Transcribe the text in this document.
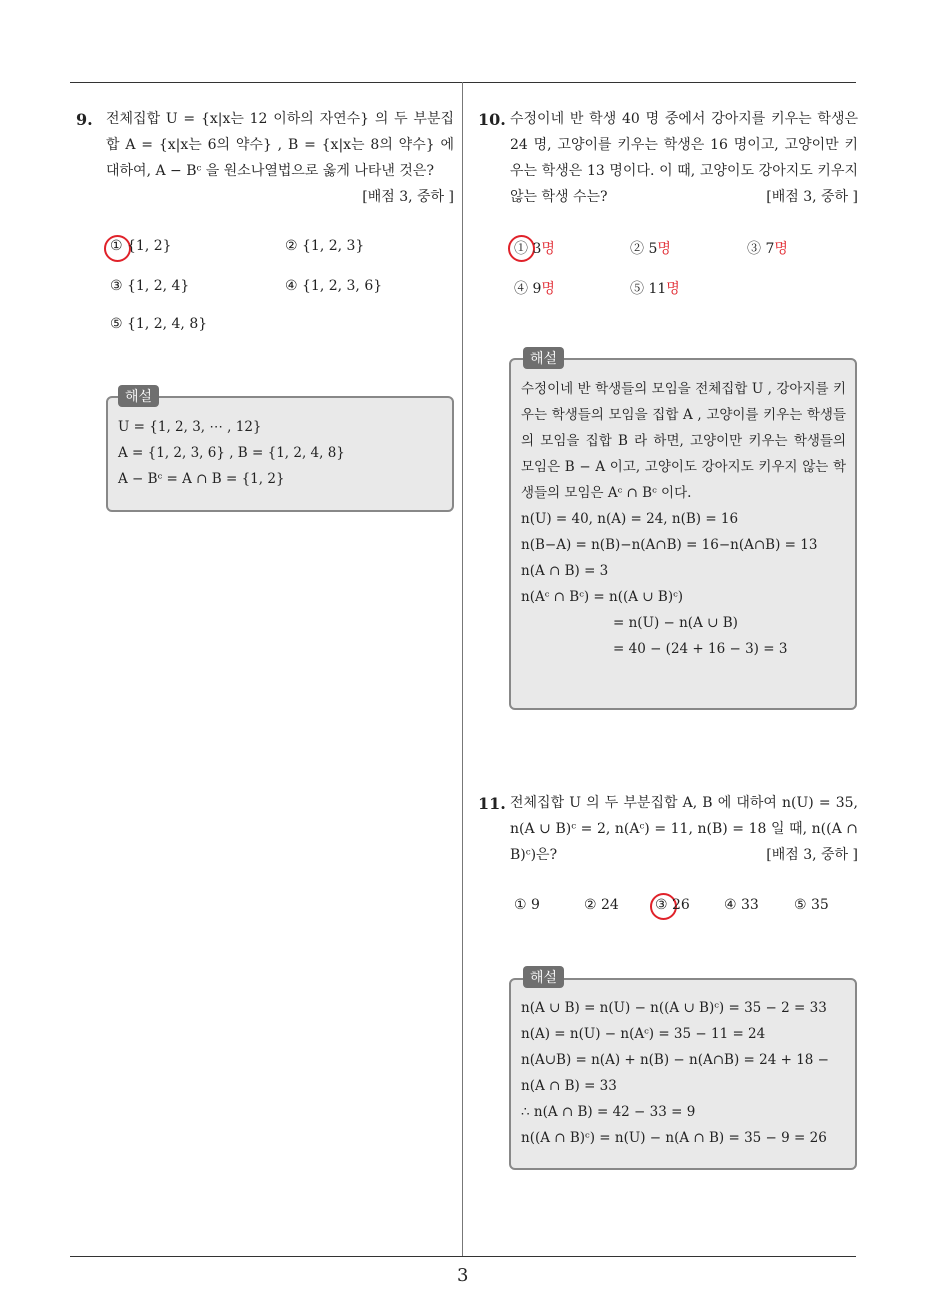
9. 전체집합 U = {x|x는 12 이하의 자연수} 의 두 부분집합 A = {x|x는 6의 약수} , B = {x|x는 8의 약수} 에 대하여, A − Bᶜ 을 원소나열법으로 옳게 나타낸 것은?
[배점 3, 중하 ]
① {1, 2}	② {1, 2, 3}
③ {1, 2, 4}	④ {1, 2, 3, 6}
⑤ {1, 2, 4, 8}
해설
U = {1, 2, 3, ⋯ , 12}
A = {1, 2, 3, 6} , B = {1, 2, 4, 8}
A − Bᶜ = A ∩ B = {1, 2}
10. 수정이네 반 학생 40 명 중에서 강아지를 키우는 학생은 24 명, 고양이를 키우는 학생은 16 명이고, 고양이만 키우는 학생은 13 명이다. 이 때, 고양이도 강아지도 키우지 않는 학생 수는?	[배점 3, 중하 ]
① 3명	② 5명	③ 7명
④ 9명	⑤ 11명
해설
수정이네 반 학생들의 모임을 전체집합 U , 강아지를 키우는 학생들의 모임을 집합 A , 고양이를 키우는 학생들의 모임을 집합 B 라 하면, 고양이만 키우는 학생들의 모임은 B − A 이고, 고양이도 강아지도 키우지 않는 학생들의 모임은 Aᶜ ∩ Bᶜ 이다.
n(U) = 40, n(A) = 24, n(B) = 16
n(B−A) = n(B)−n(A∩B) = 16−n(A∩B) = 13
n(A ∩ B) = 3
n(Aᶜ ∩ Bᶜ) = n((A ∪ B)ᶜ)
= n(U) − n(A ∪ B)
= 40 − (24 + 16 − 3) = 3
11. 전체집합 U 의 두 부분집합 A, B 에 대하여 n(U) = 35, n(A ∪ B)ᶜ = 2, n(Aᶜ) = 11, n(B) = 18 일 때, n((A ∩ B)ᶜ)은?	[배점 3, 중하 ]
① 9	② 24	③ 26 ④ 33	⑤ 35
해설
n(A ∪ B) = n(U) − n((A ∪ B)ᶜ) = 35 − 2 = 33
n(A) = n(U) − n(Aᶜ) = 35 − 11 = 24
n(A∪B) = n(A) + n(B) − n(A∩B) = 24 + 18 −
n(A ∩ B) = 33
∴ n(A ∩ B) = 42 − 33 = 9
n((A ∩ B)ᶜ) = n(U) − n(A ∩ B) = 35 − 9 = 26
3
